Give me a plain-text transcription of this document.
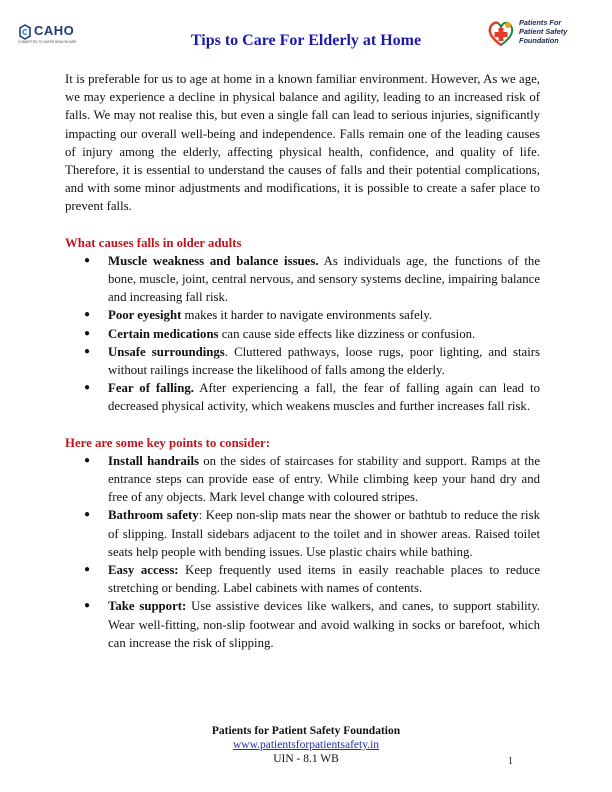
CAHO
COMMITTED TO SAFER HEALTHCARE	Tips to Care For Elderly at Home
Patients For
Patient Safety
Foundation

It is preferable for us to age at home in a known familiar environment. However, As we age, we may experience a decline in physical balance and agility, leading to an increased risk of falls. We may not realise this, but even a single fall can lead to serious injuries, significantly impacting our overall well-being and independence. Falls remain one of the leading causes of injury among the elderly, affecting physical health, confidence, and quality of life. Therefore, it is essential to understand the causes of falls and their potential complications, and with some minor adjustments and modifications, it is possible to create a safer place to prevent falls.

What causes falls in older adults
● Muscle weakness and balance issues. As individuals age, the functions of the bone, muscle, joint, central nervous, and sensory systems decline, impairing balance and increasing fall risk.
● Poor eyesight makes it harder to navigate environments safely.
● Certain medications can cause side effects like dizziness or confusion.
● Unsafe surroundings. Cluttered pathways, loose rugs, poor lighting, and stairs without railings increase the likelihood of falls among the elderly.
● Fear of falling. After experiencing a fall, the fear of falling again can lead to decreased physical activity, which weakens muscles and further increases fall risk.
Here are some key points to consider:
● Install handrails on the sides of staircases for stability and support. Ramps at the entrance steps can provide ease of entry. While climbing keep your hand dry and free of any objects. Mark level change with coloured stripes.
● Bathroom safety: Keep non-slip mats near the shower or bathtub to reduce the risk of slipping. Install sidebars adjacent to the toilet and in shower areas. Raised toilet seats help people with bending issues. Use plastic chairs while bathing.
● Easy access: Keep frequently used items in easily reachable places to reduce stretching or bending. Label cabinets with names of contents.
● Take support: Use assistive devices like walkers, and canes, to support stability. Wear well-fitting, non-slip footwear and avoid walking in socks or barefoot, which can increase the risk of slipping.
Patients for Patient Safety Foundation
www.patientsforpatientsafety.in
UIN - 8.1 WB	1
